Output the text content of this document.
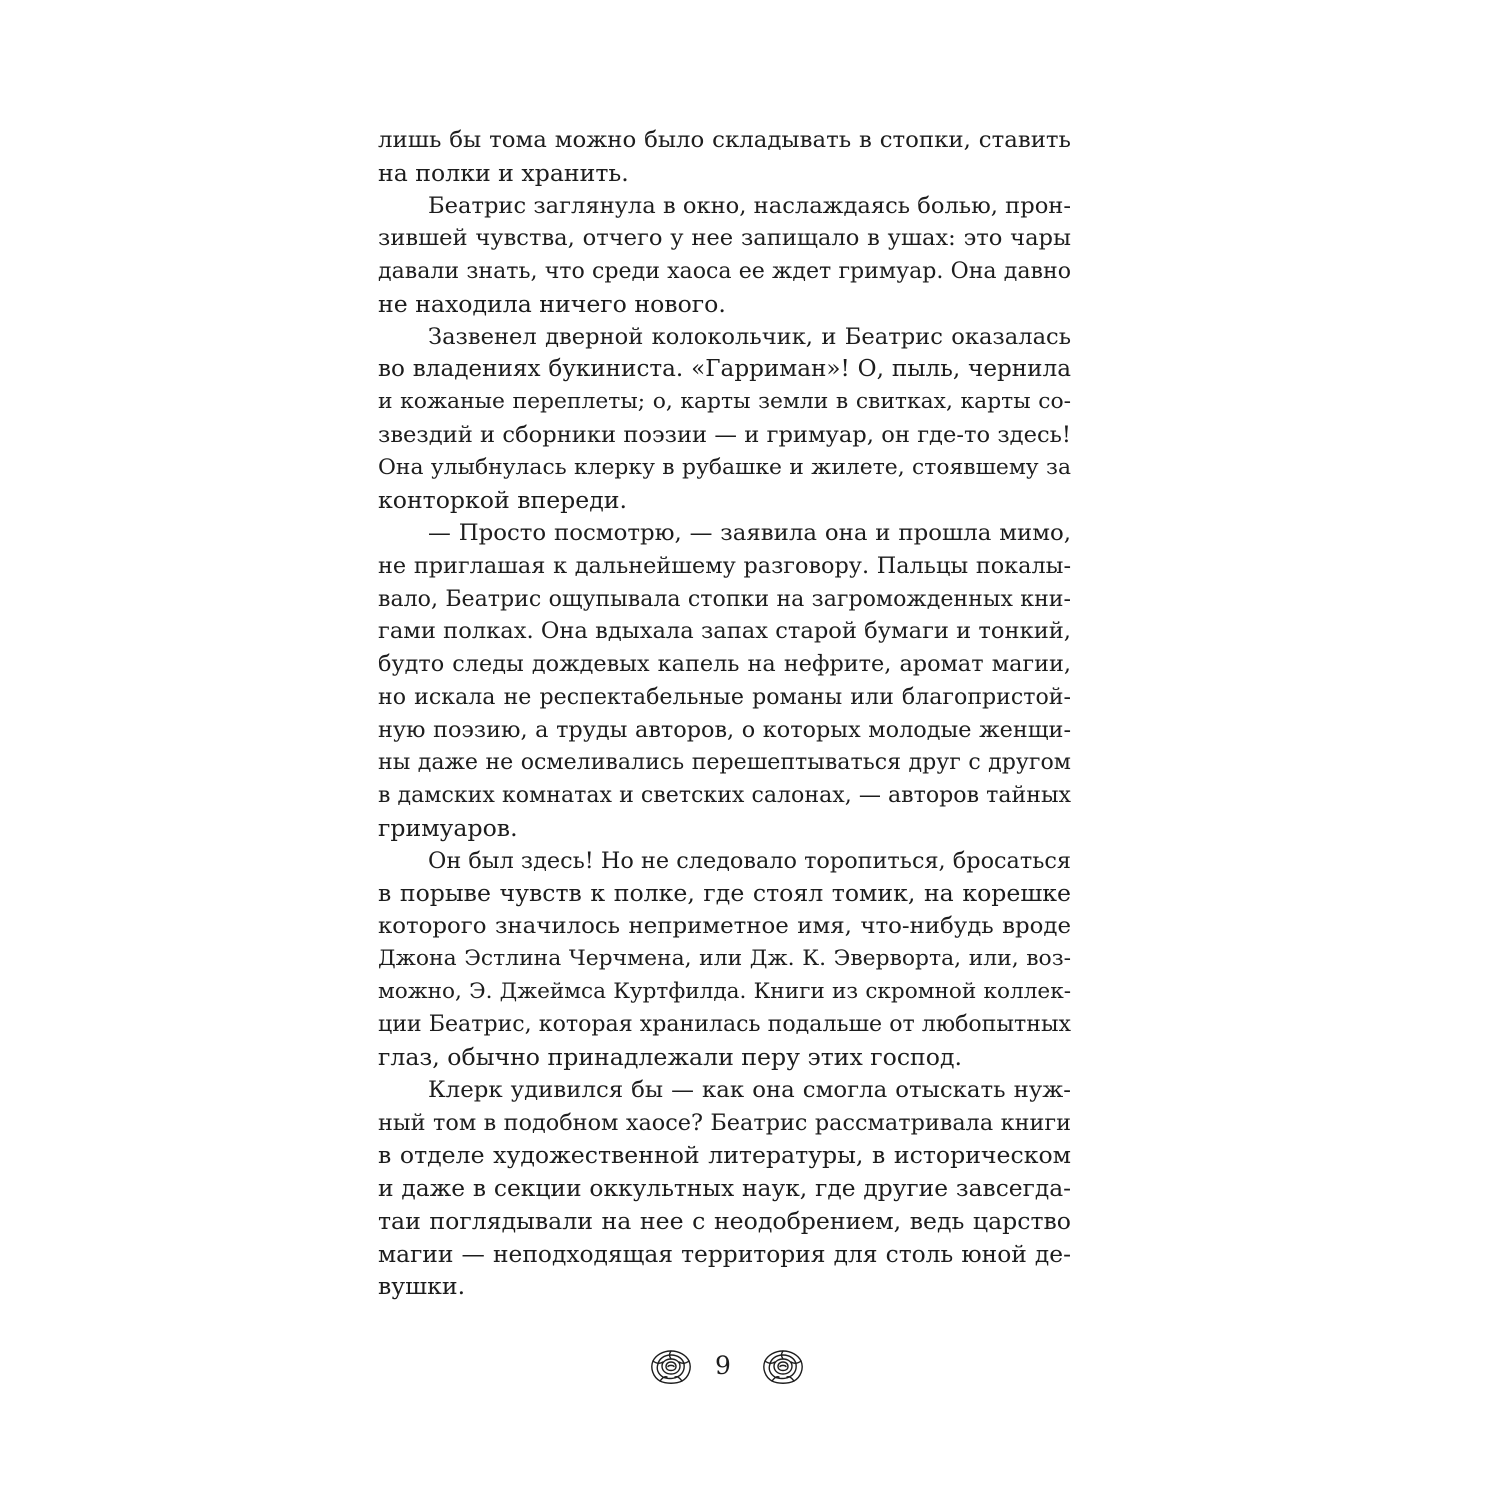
лишь бы тома можно было складывать в стопки, ставить
на полки и хранить.
Беатрис заглянула в окно, наслаждаясь болью, прон-
зившей чувства, отчего у нее запищало в ушах: это чары
давали знать, что среди хаоса ее ждет гримуар. Она давно
не находила ничего нового.
Зазвенел дверной колокольчик, и Беатрис оказалась
во владениях букиниста. «Гарриман»! О, пыль, чернила
и кожаные переплеты; о, карты земли в свитках, карты со-
звездий и сборники поэзии — и гримуар, он где-то здесь!
Она улыбнулась клерку в рубашке и жилете, стоявшему за
конторкой впереди.
— Просто посмотрю, — заявила она и прошла мимо,
не приглашая к дальнейшему разговору. Пальцы покалы-
вало, Беатрис ощупывала стопки на загроможденных кни-
гами полках. Она вдыхала запах старой бумаги и тонкий,
будто следы дождевых капель на нефрите, аромат магии,
но искала не респектабельные романы или благопристой-
ную поэзию, а труды авторов, о которых молодые женщи-
ны даже не осмеливались перешептываться друг с другом
в дамских комнатах и светских салонах, — авторов тайных
гримуаров.
Он был здесь! Но не следовало торопиться, бросаться
в порыве чувств к полке, где стоял томик, на корешке
которого значилось неприметное имя, что-нибудь вроде
Джона Эстлина Черчмена, или Дж. К. Эверворта, или, воз-
можно, Э. Джеймса Куртфилда. Книги из скромной коллек-
ции Беатрис, которая хранилась подальше от любопытных
глаз, обычно принадлежали перу этих господ.
Клерк удивился бы — как она смогла отыскать нуж-
ный том в подобном хаосе? Беатрис рассматривала книги
в отделе художественной литературы, в историческом
и даже в секции оккультных наук, где другие завсегда-
таи поглядывали на нее с неодобрением, ведь царство
магии — неподходящая территория для столь юной де-
вушки.
9
